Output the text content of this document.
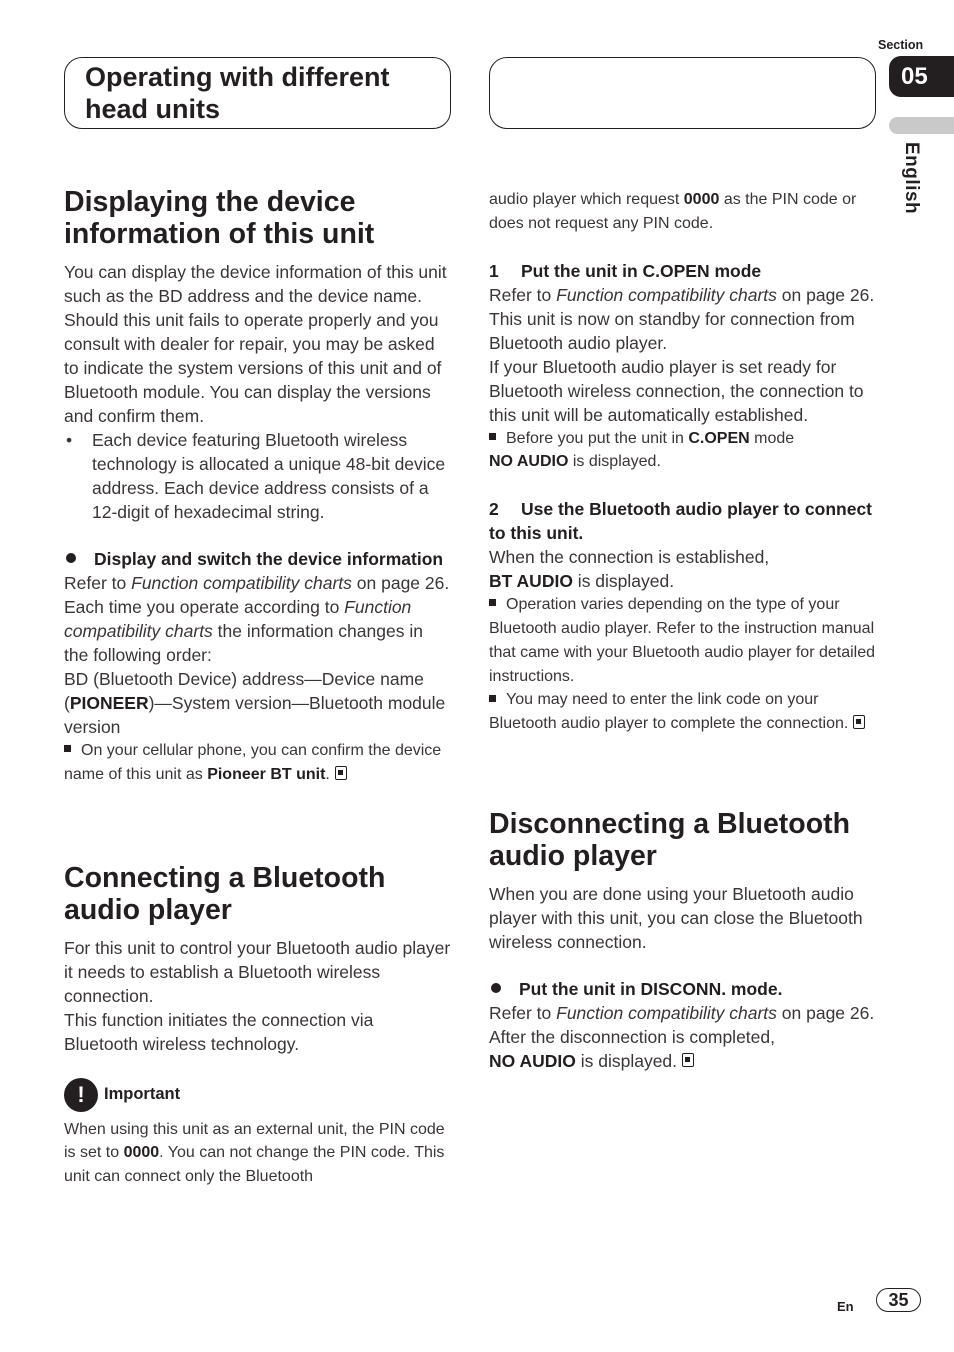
Operating with different head units
Section
05
English
Displaying the device information of this unit

You can display the device information of this unit such as the BD address and the device name.

Should this unit fails to operate properly and you consult with dealer for repair, you may be asked to indicate the system versions of this unit and of Bluetooth module. You can display the versions and confirm them.

•	Each device featuring Bluetooth wireless technology is allocated a unique 48-bit device address. Each device address consists of a 12-digit of hexadecimal string.

Display and switch the device information

Refer to Function compatibility charts on page 26.

Each time you operate according to Function compatibility charts the information changes in the following order:

BD (Bluetooth Device) address—Device name (PIONEER)—System version—Bluetooth module version

On your cellular phone, you can confirm the device name of this unit as Pioneer BT unit.

Connecting a Bluetooth audio player

For this unit to control your Bluetooth audio player it needs to establish a Bluetooth wireless connection.

This function initiates the connection via Bluetooth wireless technology.

!	Important

When using this unit as an external unit, the PIN code is set to 0000. You can not change the PIN code. This unit can connect only the Bluetooth

audio player which request 0000 as the PIN code or does not request any PIN code.

1 Put the unit in C.OPEN mode

Refer to Function compatibility charts on page 26.

This unit is now on standby for connection from Bluetooth audio player.

If your Bluetooth audio player is set ready for Bluetooth wireless connection, the connection to this unit will be automatically established.

Before you put the unit in C.OPEN mode
NO AUDIO is displayed.

2 Use the Bluetooth audio player to connect to this unit.

When the connection is established,

BT AUDIO is displayed.

Operation varies depending on the type of your Bluetooth audio player. Refer to the instruction manual that came with your Bluetooth audio player for detailed instructions.

You may need to enter the link code on your Bluetooth audio player to complete the connection.

Disconnecting a Bluetooth audio player

When you are done using your Bluetooth audio player with this unit, you can close the Bluetooth wireless connection.

Put the unit in DISCONN. mode.

Refer to Function compatibility charts on page 26.

After the disconnection is completed,

NO AUDIO is displayed.

En	35
